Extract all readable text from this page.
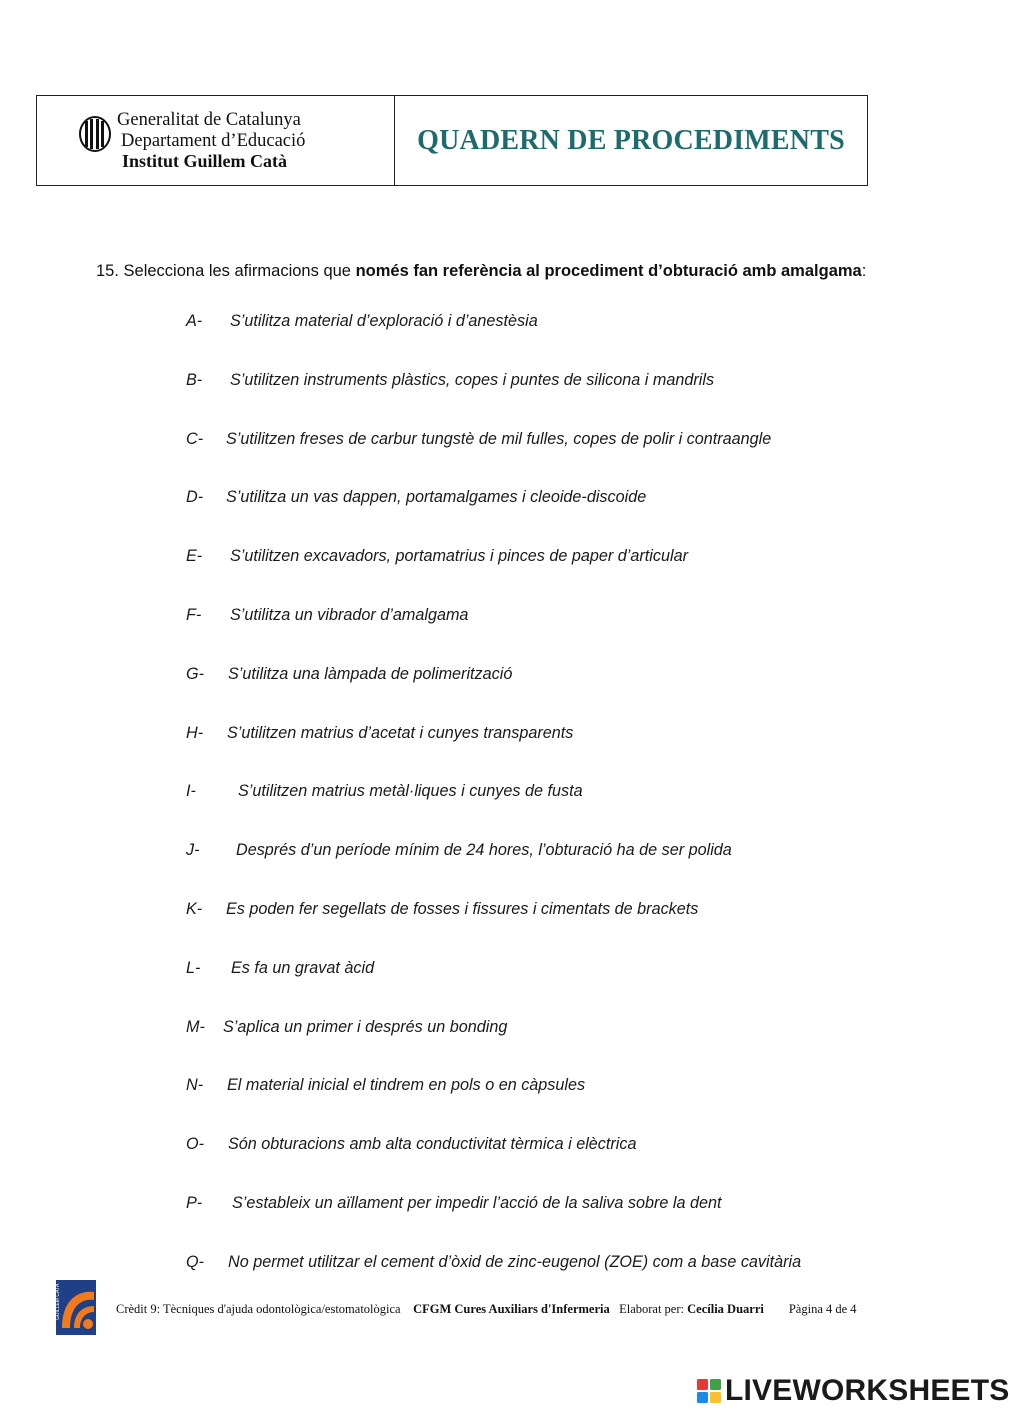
Generalitat de Catalunya
Departament d’Educació
Institut Guillem Catà
QUADERN DE PROCEDIMENTS
15. Selecciona les afirmacions que només fan referència al procediment d’obturació amb amalgama:
A-	S’utilitza material d’exploració i d’anestèsia
B-	S’utilitzen instruments plàstics, copes i puntes de silicona i mandrils
C-	S’utilitzen freses de carbur tungstè de mil fulles, copes de polir i contraangle
D-	S’utilitza un vas dappen, portamalgames i cleoide-discoide
E-	S’utilitzen excavadors, portamatrius i pinces de paper d’articular
F-	S’utilitza un vibrador d’amalgama
G-	S’utilitza una làmpada de polimerització
H-	S’utilitzen matrius d’acetat i cunyes transparents
I-	S’utilitzen matrius metàl·liques i cunyes de fusta
J-	Després d’un període mínim de 24 hores, l’obturació ha de ser polida
K-	Es poden fer segellats de fosses i fissures i cimentats de brackets
L-	Es fa un gravat àcid
M-	S’aplica un primer i després un bonding
N-	El material inicial el tindrem en pols o en càpsules
O-	Són obturacions amb alta conductivitat tèrmica i elèctrica
P-	S’estableix un aïllament per impedir l’acció de la saliva sobre la dent
Q-	No permet utilitzar el cement d’òxid de zinc-eugenol (ZOE) com a base cavitària
GUILLEM CATÀ	Crèdit 9: Tècniques d'ajuda odontològica/estomatològica CFGM Cures Auxiliars d'Infermeria Elaborat per: Cecília Duarri Pàgina 4 de 4
LIVEWORKSHEETS
